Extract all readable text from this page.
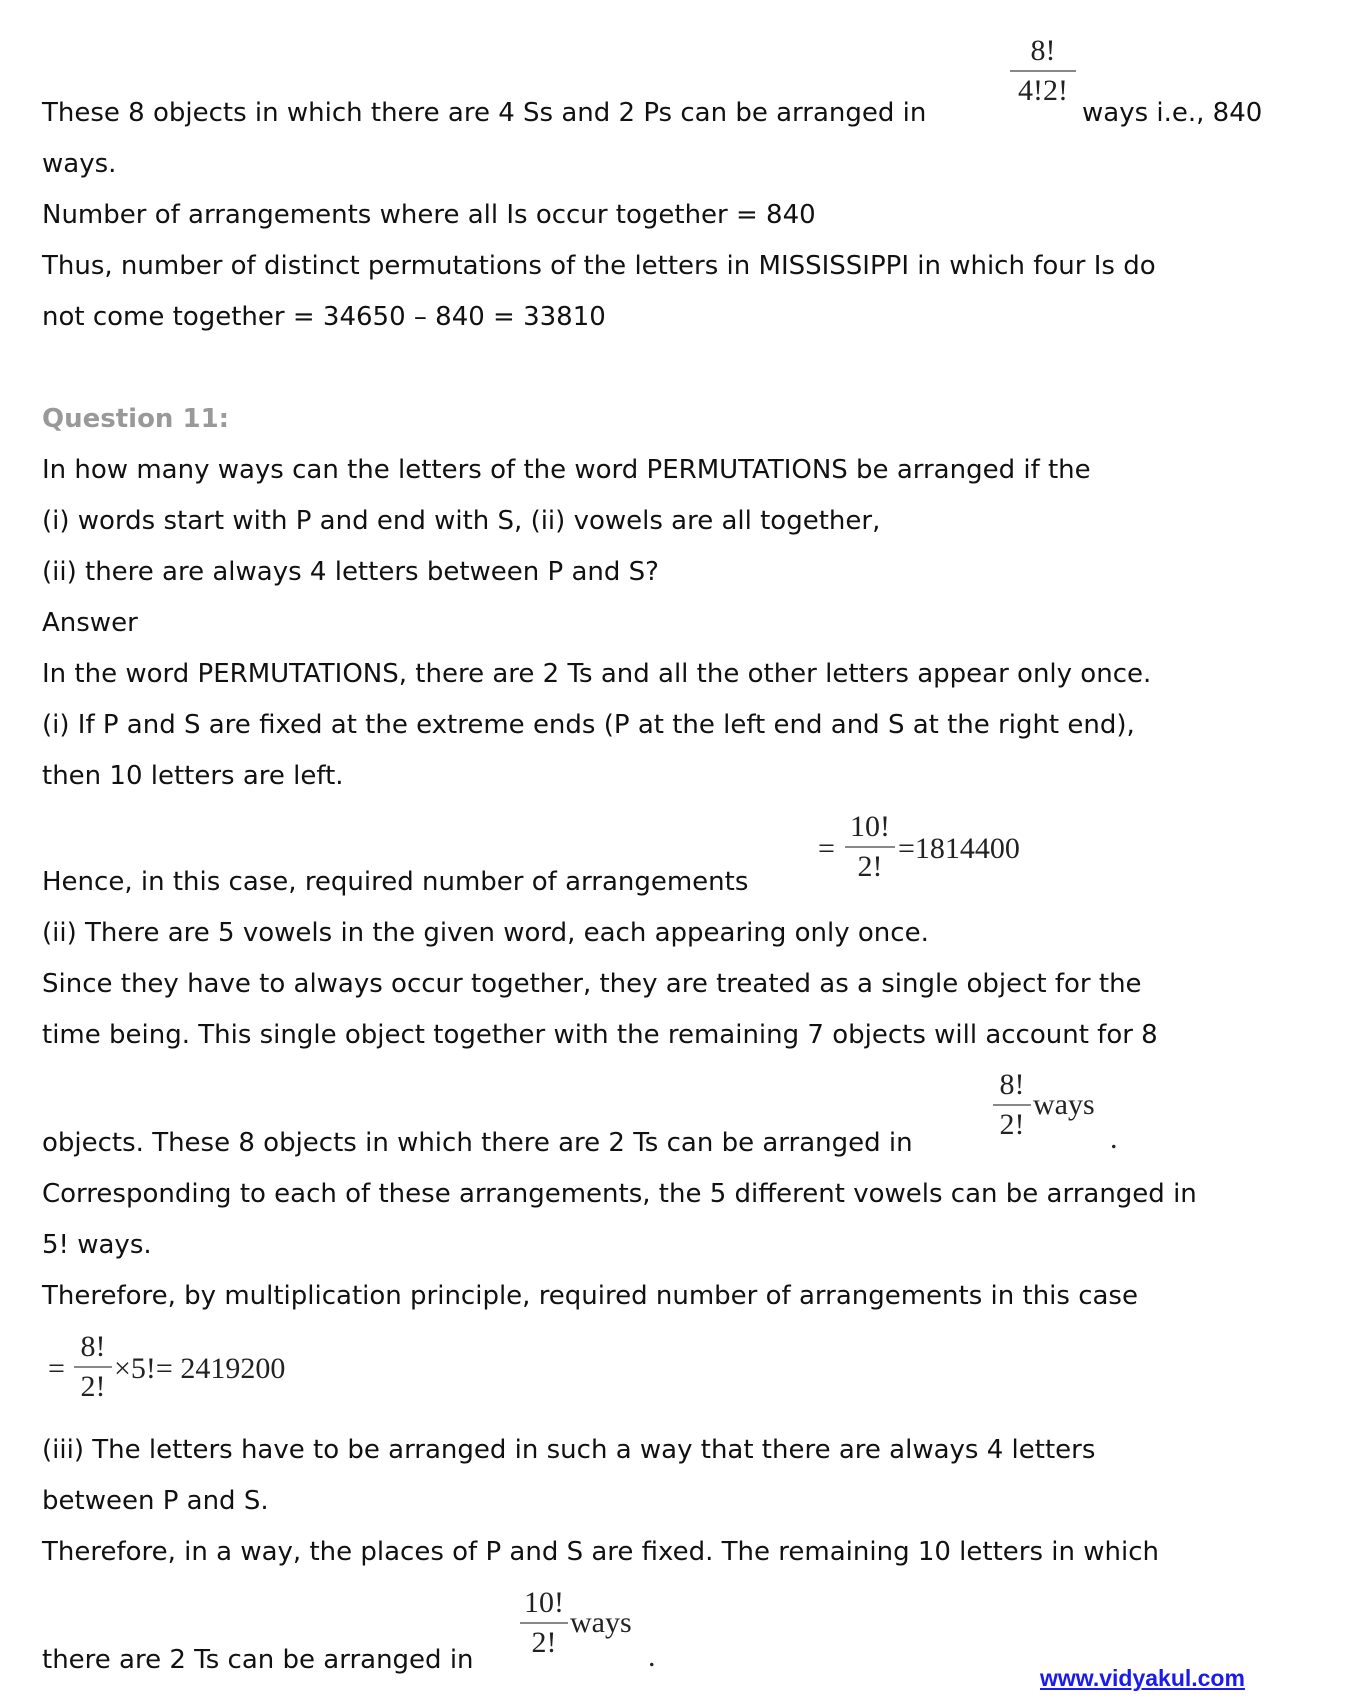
These 8 objects in which there are 4 Ss and 2 Ps can be arranged in
8!
4!2!
ways i.e., 840
ways.
Number of arrangements where all Is occur together = 840
Thus, number of distinct permutations of the letters in MISSISSIPPI in which four Is do
not come together = 34650 – 840 = 33810
Question 11:
In how many ways can the letters of the word PERMUTATIONS be arranged if the
(i) words start with P and end with S, (ii) vowels are all together,
(ii) there are always 4 letters between P and S?
Answer
In the word PERMUTATIONS, there are 2 Ts and all the other letters appear only once.
(i) If P and S are fixed at the extreme ends (P at the left end and S at the right end),
then 10 letters are left.
=
10!
2!
=1814400
Hence, in this case, required number of arrangements
(ii) There are 5 vowels in the given word, each appearing only once.
Since they have to always occur together, they are treated as a single object for the
time being. This single object together with the remaining 7 objects will account for 8
8!
2!
ways
objects. These 8 objects in which there are 2 Ts can be arranged in	.
Corresponding to each of these arrangements, the 5 different vowels can be arranged in
5! ways.
Therefore, by multiplication principle, required number of arrangements in this case
=
8!
2!
×5!= 2419200
(iii) The letters have to be arranged in such a way that there are always 4 letters
between P and S.
Therefore, in a way, the places of P and S are fixed. The remaining 10 letters in which
10!
2!
ways
there are 2 Ts can be arranged in	.
www.vidyakul.com
